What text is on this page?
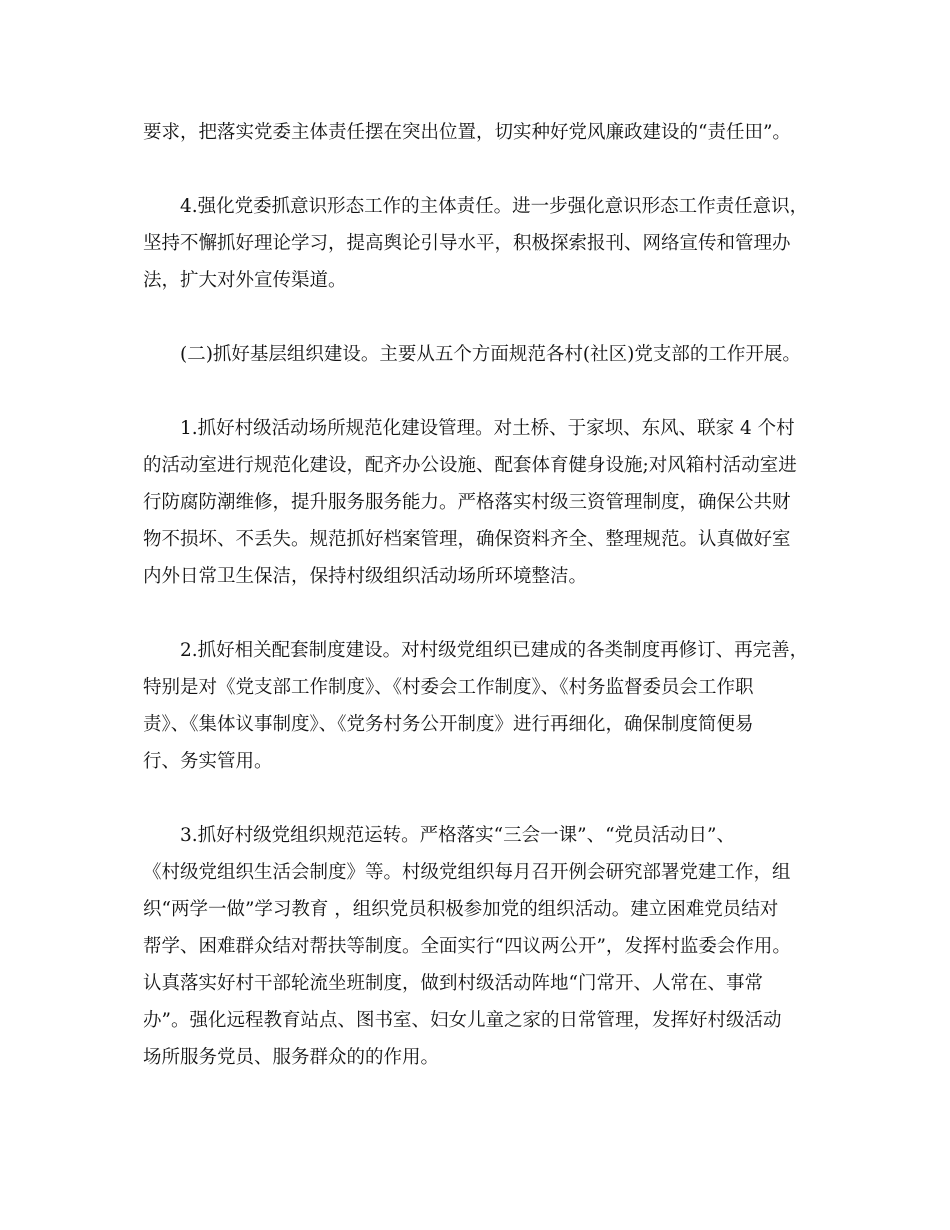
要求，把落实党委主体责任摆在突出位置，切实种好党风廉政建设的“责任田”。

4.强化党委抓意识形态工作的主体责任。进一步强化意识形态工作责任意识，
坚持不懈抓好理论学习，提高舆论引导水平，积极探索报刊、网络宣传和管理办
法，扩大对外宣传渠道。

(二)抓好基层组织建设。主要从五个方面规范各村(社区)党支部的工作开展。

1.抓好村级活动场所规范化建设管理。对土桥、于家坝、东风、联家 4 个村
的活动室进行规范化建设，配齐办公设施、配套体育健身设施;对风箱村活动室进
行防腐防潮维修，提升服务服务能力。严格落实村级三资管理制度，确保公共财
物不损坏、不丢失。规范抓好档案管理，确保资料齐全、整理规范。认真做好室
内外日常卫生保洁，保持村级组织活动场所环境整洁。

2.抓好相关配套制度建设。对村级党组织已建成的各类制度再修订、再完善，
特别是对《党支部工作制度》、《村委会工作制度》、《村务监督委员会工作职
责》、《集体议事制度》、《党务村务公开制度》进行再细化，确保制度简便易
行、务实管用。

3.抓好村级党组织规范运转。严格落实“三会一课”、“党员活动日”、
《村级党组织生活会制度》等。村级党组织每月召开例会研究部署党建工作，组
织“两学一做”学习教育 ，组织党员积极参加党的组织活动。建立困难党员结对
帮学、困难群众结对帮扶等制度。全面实行“四议两公开”，发挥村监委会作用。
认真落实好村干部轮流坐班制度，做到村级活动阵地“门常开、人常在、事常
办”。强化远程教育站点、图书室、妇女儿童之家的日常管理，发挥好村级活动
场所服务党员、服务群众的的作用。
